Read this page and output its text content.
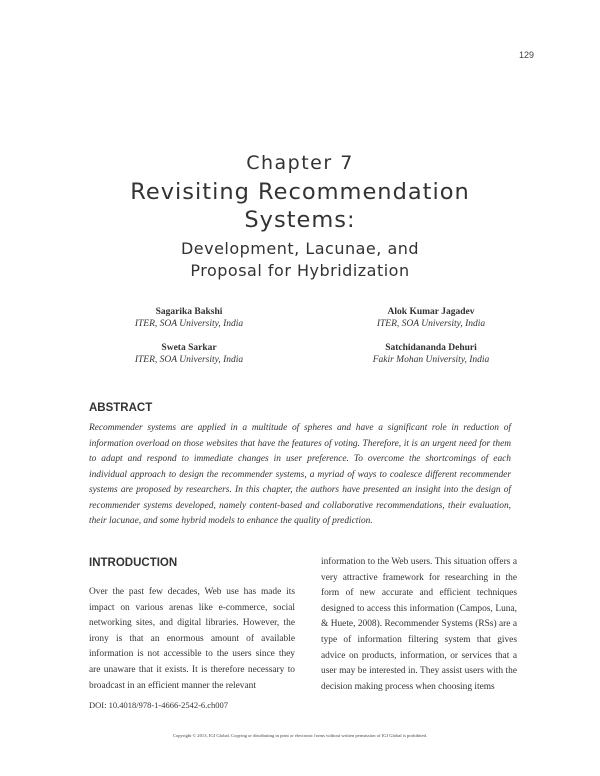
129
Chapter 7
Revisiting Recommendation
Systems:
Development, Lacunae, and
Proposal for Hybridization
Sagarika Bakshi
ITER, SOA University, India
Alok Kumar Jagadev
ITER, SOA University, India
Sweta Sarkar
ITER, SOA University, India
Satchidananda Dehuri
Fakir Mohan University, India
ABSTRACT

Recommender systems are applied in a multitude of spheres and have a significant role in reduction of information overload on those websites that have the features of voting. Therefore, it is an urgent need for them to adapt and respond to immediate changes in user preference. To overcome the shortcomings of each individual approach to design the recommender systems, a myriad of ways to coalesce different recommender systems are proposed by researchers. In this chapter, the authors have presented an insight into the design of recommender systems developed, namely content-based and collaborative recommendations, their evaluation, their lacunae, and some hybrid models to enhance the quality of prediction.

INTRODUCTION

Over the past few decades, Web use has made its impact on various arenas like e-commerce, social networking sites, and digital libraries. However, the irony is that an enormous amount of available information is not accessible to the users since they are unaware that it exists. It is therefore necessary to broadcast in an efficient manner the relevant

information to the Web users. This situation offers a very attractive framework for researching in the form of new accurate and efficient techniques designed to access this information (Campos, Luna, & Huete, 2008). Recommender Systems (RSs) are a type of information filtering system that gives advice on products, information, or services that a user may be interested in. They assist users with the decision making process when choosing items

DOI: 10.4018/978-1-4666-2542-6.ch007
Copyright © 2013, IGI Global. Copying or distributing in print or electronic forms without written permission of IGI Global is prohibited.
